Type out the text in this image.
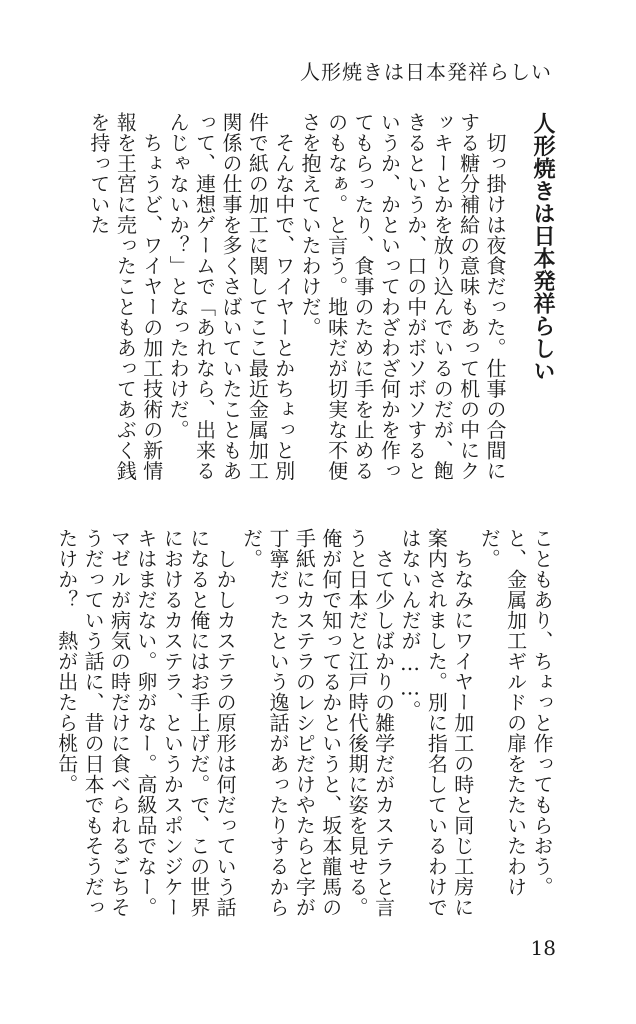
人形焼きは日本発祥らしい
人形焼きは日本発祥らしい

切っ掛けは夜食だった。仕事の合間にする糖分補給の意味もあって机の中にクッキーとかを放り込んでいるのだが、飽きるというか、口の中がボソボソするというか、かといってわざわざ何かを作ってもらったり、食事のために手を止めるのもなぁ。と言う。地味だが切実な不便さを抱えていたわけだ。

そんな中で、ワイヤーとかちょっと別件で紙の加工に関してここ最近金属加工関係の仕事を多くさばいていたこともあって、連想ゲームで「あれなら、出来るんじゃないか？」となったわけだ。

ちょうど、ワイヤーの加工技術の新情報を王宮に売ったこともあってあぶく銭を持っていた

こともあり、ちょっと作ってもらおう。と、金属加工ギルドの扉をたたいたわけだ。

ちなみにワイヤー加工の時と同じ工房に案内されました。別に指名しているわけではないんだが……。

さて少しばかりの雑学だがカステラと言うと日本だと江戸時代後期に姿を見せる。俺が何で知ってるかというと、坂本龍馬の手紙にカステラのレシピだけやたらと字が丁寧だったという逸話があったりするからだ。

しかしカステラの原形は何だっていう話になると俺にはお手上げだ。で、この世界におけるカステラ、というかスポンジケーキはまだない。卵がなー。高級品でなー。マゼルが病気の時だけに食べられるごちそうだっていう話に、昔の日本でもそうだったけか？　熱が出たら桃缶。

18
